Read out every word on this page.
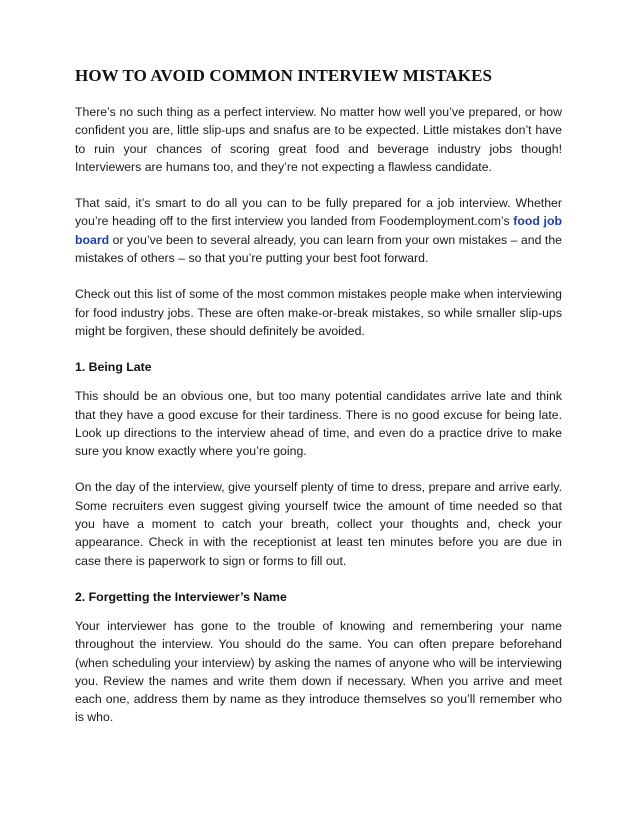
HOW TO AVOID COMMON INTERVIEW MISTAKES

There’s no such thing as a perfect interview. No matter how well you’ve prepared, or how confident you are, little slip-ups and snafus are to be expected. Little mistakes don’t have to ruin your chances of scoring great food and beverage industry jobs though! Interviewers are humans too, and they’re not expecting a flawless candidate.

That said, it’s smart to do all you can to be fully prepared for a job interview. Whether you’re heading off to the first interview you landed from Foodemployment.com’s food job board or you’ve been to several already, you can learn from your own mistakes – and the mistakes of others – so that you’re putting your best foot forward.

Check out this list of some of the most common mistakes people make when interviewing for food industry jobs. These are often make-or-break mistakes, so while smaller slip-ups might be forgiven, these should definitely be avoided.

1. Being Late

This should be an obvious one, but too many potential candidates arrive late and think that they have a good excuse for their tardiness. There is no good excuse for being late. Look up directions to the interview ahead of time, and even do a practice drive to make sure you know exactly where you’re going.

On the day of the interview, give yourself plenty of time to dress, prepare and arrive early. Some recruiters even suggest giving yourself twice the amount of time needed so that you have a moment to catch your breath, collect your thoughts and, check your appearance. Check in with the receptionist at least ten minutes before you are due in case there is paperwork to sign or forms to fill out.

2. Forgetting the Interviewer’s Name

Your interviewer has gone to the trouble of knowing and remembering your name throughout the interview. You should do the same. You can often prepare beforehand (when scheduling your interview) by asking the names of anyone who will be interviewing you. Review the names and write them down if necessary. When you arrive and meet each one, address them by name as they introduce themselves so you’ll remember who is who.
